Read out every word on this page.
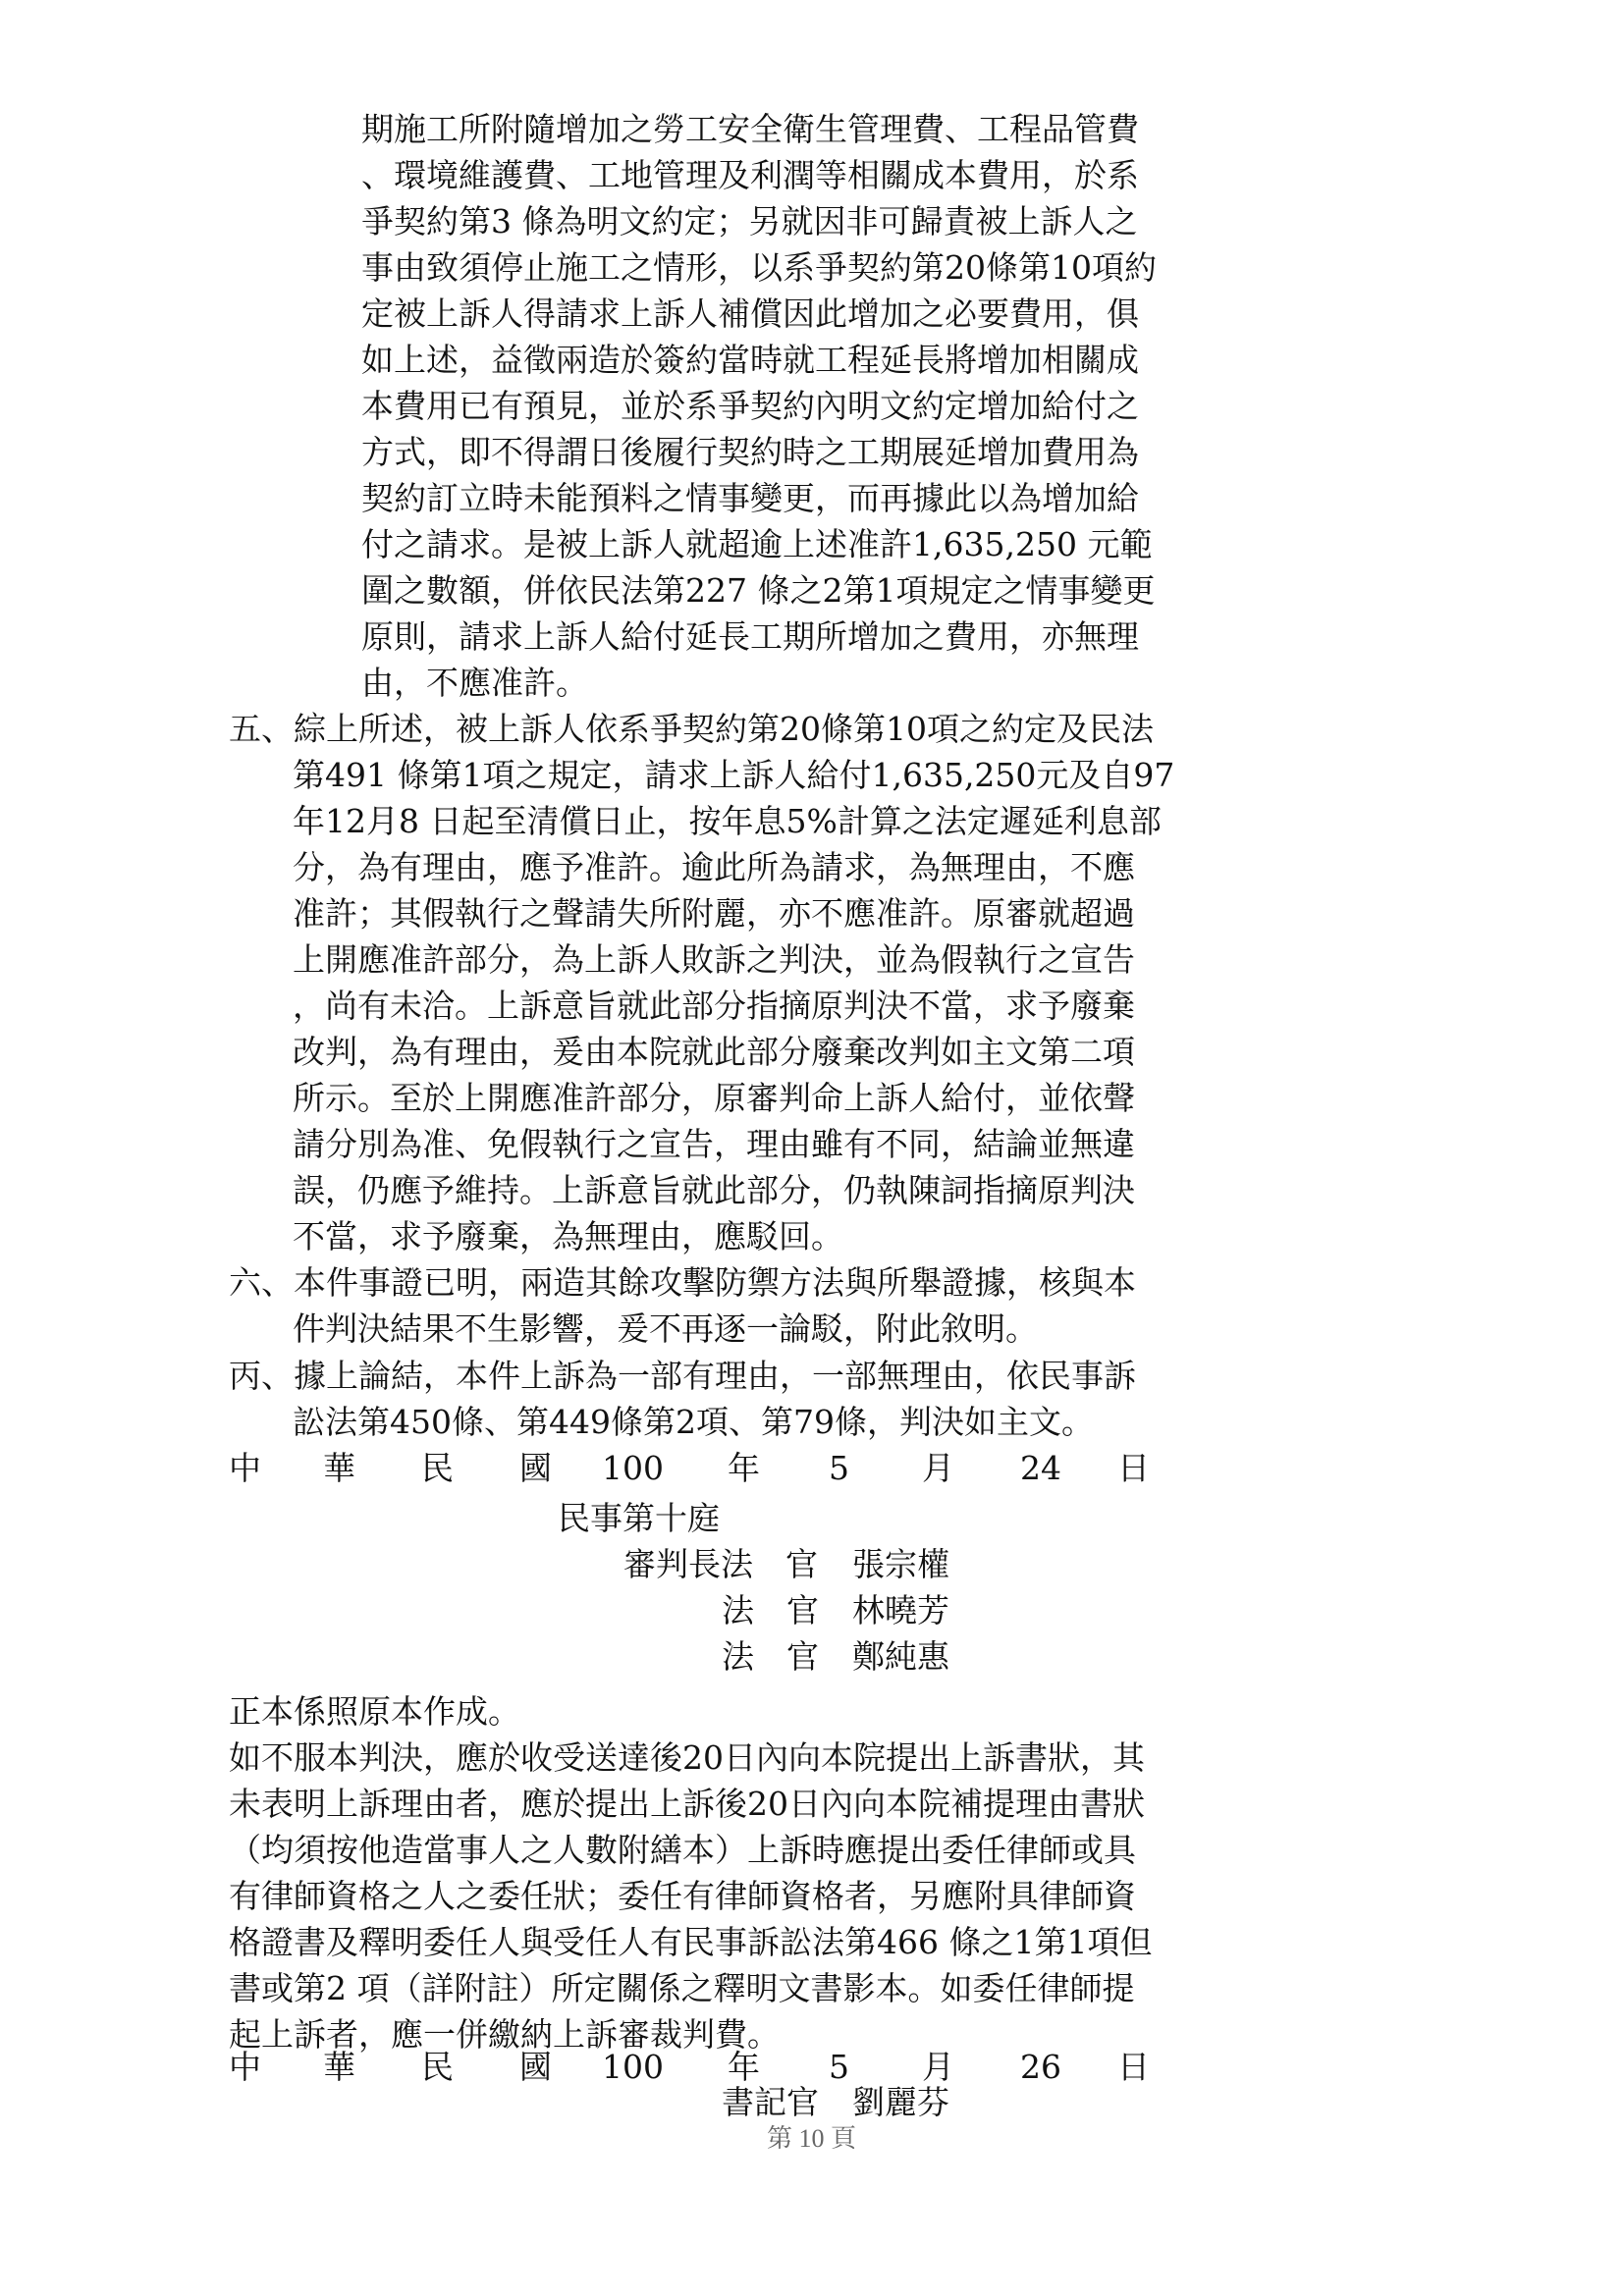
期施工所附隨增加之勞工安全衛生管理費、工程品管費
、環境維護費、工地管理及利潤等相關成本費用，於系
爭契約第3 條為明文約定；另就因非可歸責被上訴人之
事由致須停止施工之情形，以系爭契約第20條第10項約
定被上訴人得請求上訴人補償因此增加之必要費用，俱
如上述，益徵兩造於簽約當時就工程延長將增加相關成
本費用已有預見，並於系爭契約內明文約定增加給付之
方式，即不得謂日後履行契約時之工期展延增加費用為
契約訂立時未能預料之情事變更，而再據此以為增加給
付之請求。是被上訴人就超逾上述准許1,635,250 元範
圍之數額，併依民法第227 條之2第1項規定之情事變更
原則，請求上訴人給付延長工期所增加之費用，亦無理
由，不應准許。
五、綜上所述，被上訴人依系爭契約第20條第10項之約定及民法
第491 條第1項之規定，請求上訴人給付1,635,250元及自97
年12月8 日起至清償日止，按年息5%計算之法定遲延利息部
分，為有理由，應予准許。逾此所為請求，為無理由，不應
准許；其假執行之聲請失所附麗，亦不應准許。原審就超過
上開應准許部分，為上訴人敗訴之判決，並為假執行之宣告
，尚有未洽。上訴意旨就此部分指摘原判決不當，求予廢棄
改判，為有理由，爰由本院就此部分廢棄改判如主文第二項
所示。至於上開應准許部分，原審判命上訴人給付，並依聲
請分別為准、免假執行之宣告，理由雖有不同，結論並無違
誤，仍應予維持。上訴意旨就此部分，仍執陳詞指摘原判決
不當，求予廢棄，為無理由，應駁回。
六、本件事證已明，兩造其餘攻擊防禦方法與所舉證據，核與本
件判決結果不生影響，爰不再逐一論駁，附此敘明。
丙、據上論結，本件上訴為一部有理由，一部無理由，依民事訴
訟法第450條、第449條第2項、第79條，判決如主文。
中 華 民 國 100 年 5 月 24 日
民事第十庭
審判長法　官 張宗權
法　官 林曉芳
法　官 鄭純惠
正本係照原本作成。
如不服本判決，應於收受送達後20日內向本院提出上訴書狀，其
未表明上訴理由者，應於提出上訴後20日內向本院補提理由書狀
（均須按他造當事人之人數附繕本）上訴時應提出委任律師或具
有律師資格之人之委任狀；委任有律師資格者，另應附具律師資
格證書及釋明委任人與受任人有民事訴訟法第466 條之1第1項但
書或第2 項（詳附註）所定關係之釋明文書影本。如委任律師提
起上訴者，應一併繳納上訴審裁判費。
中 華 民 國 100 年 5 月 26 日
書記官 劉麗芬
第 10 頁
